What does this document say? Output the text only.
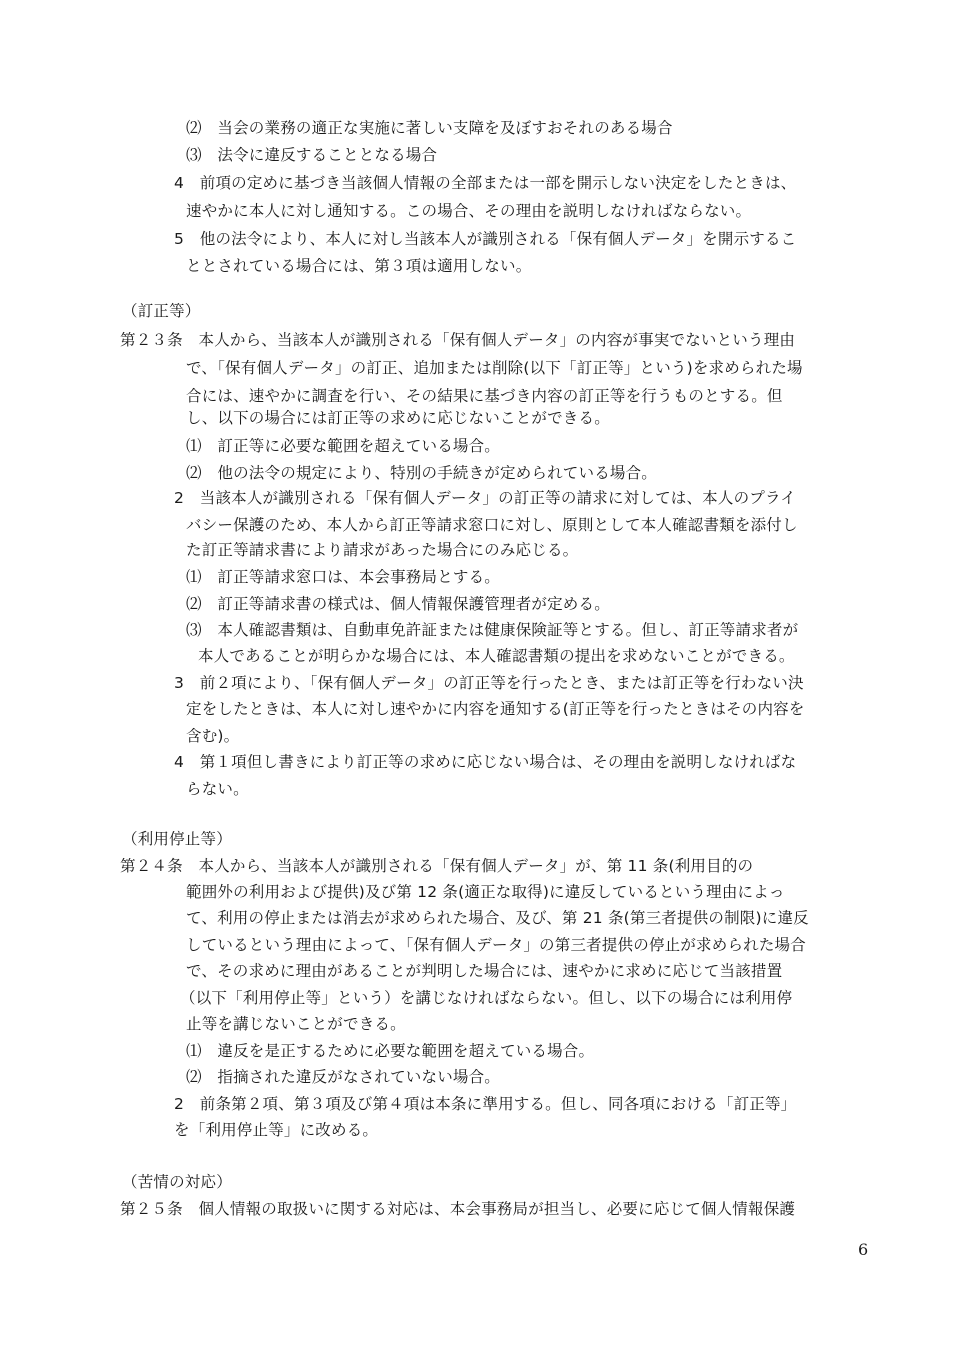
⑵　当会の業務の適正な実施に著しい支障を及ぼすおそれのある場合
⑶　法令に違反することとなる場合
4　前項の定めに基づき当該個人情報の全部または一部を開示しない決定をしたときは、
速やかに本人に対し通知する。この場合、その理由を説明しなければならない。
5　他の法令により、本人に対し当該本人が識別される「保有個人データ」を開示するこ
ととされている場合には、第３項は適用しない。
（訂正等）
第２３条　本人から、当該本人が識別される「保有個人データ」の内容が事実でないという理由
で、「保有個人データ」の訂正、追加または削除(以下「訂正等」という)を求められた場
合には、速やかに調査を行い、その結果に基づき内容の訂正等を行うものとする。但
し、以下の場合には訂正等の求めに応じないことができる。
⑴　訂正等に必要な範囲を超えている場合。
⑵　他の法令の規定により、特別の手続きが定められている場合。
2　当該本人が識別される「保有個人データ」の訂正等の請求に対しては、本人のプライ
バシー保護のため、本人から訂正等請求窓口に対し、原則として本人確認書類を添付し
た訂正等請求書により請求があった場合にのみ応じる。
⑴　訂正等請求窓口は、本会事務局とする。
⑵　訂正等請求書の様式は、個人情報保護管理者が定める。
⑶　本人確認書類は、自動車免許証または健康保険証等とする。但し、訂正等請求者が
本人であることが明らかな場合には、本人確認書類の提出を求めないことができる。
3　前２項により、「保有個人データ」の訂正等を行ったとき、または訂正等を行わない決
定をしたときは、本人に対し速やかに内容を通知する(訂正等を行ったときはその内容を
含む)。
4　第１項但し書きにより訂正等の求めに応じない場合は、その理由を説明しなければな
らない。
（利用停止等）
第２４条　本人から、当該本人が識別される「保有個人データ」が、第 11 条(利用目的の
範囲外の利用および提供)及び第 12 条(適正な取得)に違反しているという理由によっ
て、利用の停止または消去が求められた場合、及び、第 21 条(第三者提供の制限)に違反
しているという理由によって、「保有個人データ」の第三者提供の停止が求められた場合
で、その求めに理由があることが判明した場合には、速やかに求めに応じて当該措置
（以下「利用停止等」という）を講じなければならない。但し、以下の場合には利用停
止等を講じないことができる。
⑴　違反を是正するために必要な範囲を超えている場合。
⑵　指摘された違反がなされていない場合。
2　前条第２項、第３項及び第４項は本条に準用する。但し、同各項における「訂正等」
を「利用停止等」に改める。
（苦情の対応）
第２５条　個人情報の取扱いに関する対応は、本会事務局が担当し、必要に応じて個人情報保護
6
